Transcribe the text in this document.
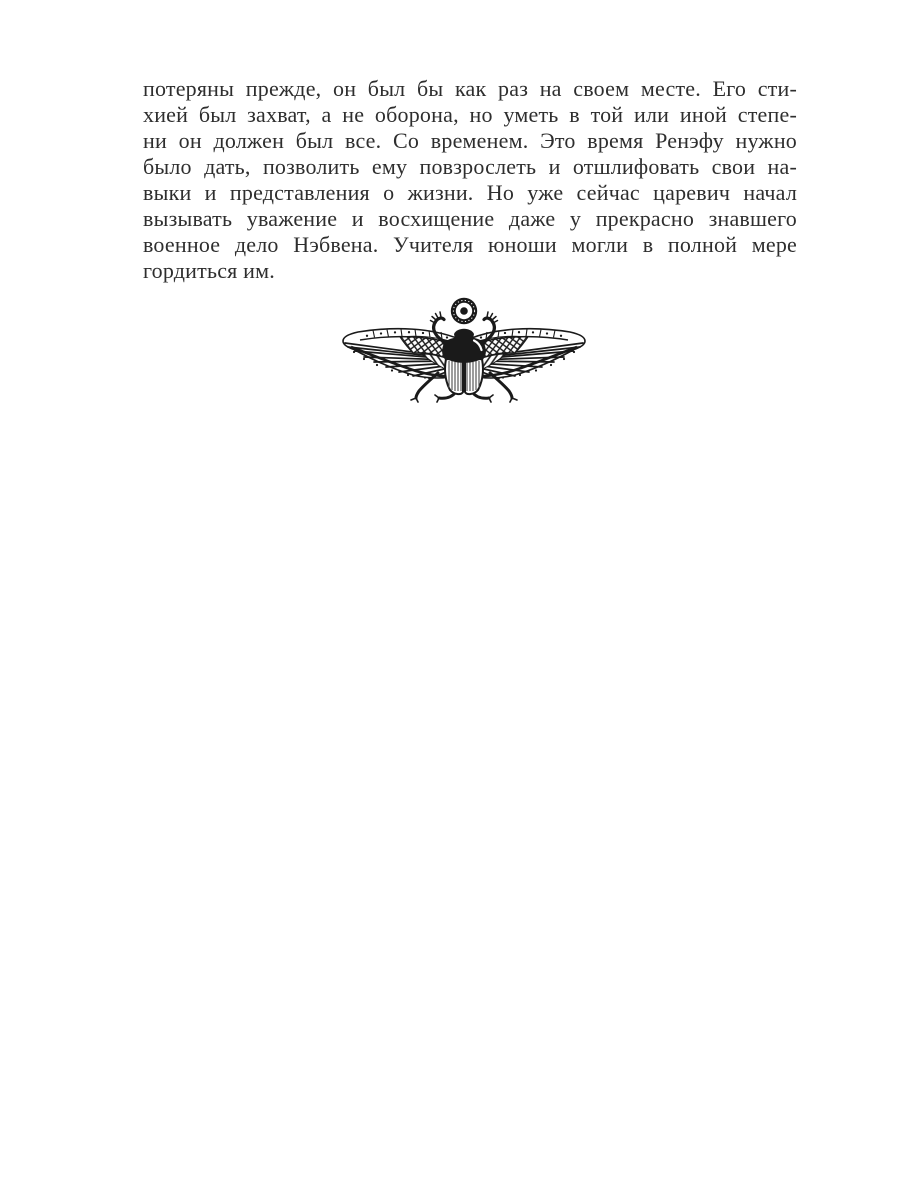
потеряны прежде, он был бы как раз на своем месте. Его сти-
хией был захват, а не оборона, но уметь в той или иной степе-
ни он должен был все. Со временем. Это время Ренэфу нужно
было дать, позволить ему повзрослеть и отшлифовать свои на-
выки и представления о жизни. Но уже сейчас царевич начал
вызывать уважение и восхищение даже у прекрасно знавшего
военное дело Нэбвена. Учителя юноши могли в полной мере
гордиться им.
